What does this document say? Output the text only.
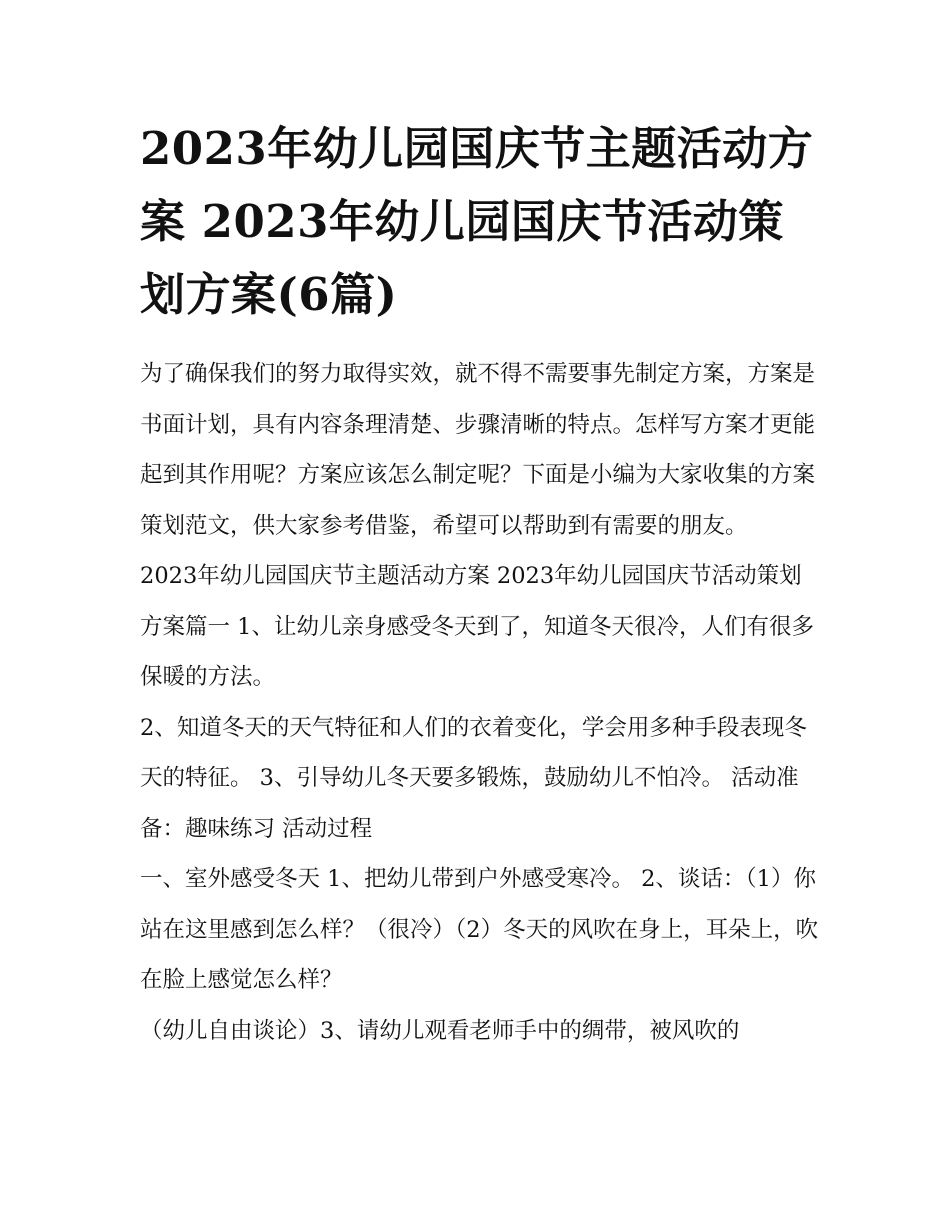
2023年幼儿园国庆节主题活动方案 2023年幼儿园国庆节活动策划方案(6篇)

为了确保我们的努力取得实效，就不得不需要事先制定方案，方案是书面计划，具有内容条理清楚、步骤清晰的特点。怎样写方案才更能起到其作用呢？方案应该怎么制定呢？下面是小编为大家收集的方案策划范文，供大家参考借鉴，希望可以帮助到有需要的朋友。

2023年幼儿园国庆节主题活动方案 2023年幼儿园国庆节活动策划方案篇一 1、让幼儿亲身感受冬天到了，知道冬天很冷，人们有很多保暖的方法。

2、知道冬天的天气特征和人们的衣着变化，学会用多种手段表现冬天的特征。 3、引导幼儿冬天要多锻炼，鼓励幼儿不怕冷。 活动准备：趣味练习 活动过程

一、室外感受冬天 1、把幼儿带到户外感受寒冷。 2、谈话：（1）你站在这里感到怎么样？（很冷）（2）冬天的风吹在身上，耳朵上，吹在脸上感觉怎么样？

（幼儿自由谈论）3、请幼儿观看老师手中的绸带，被风吹的
